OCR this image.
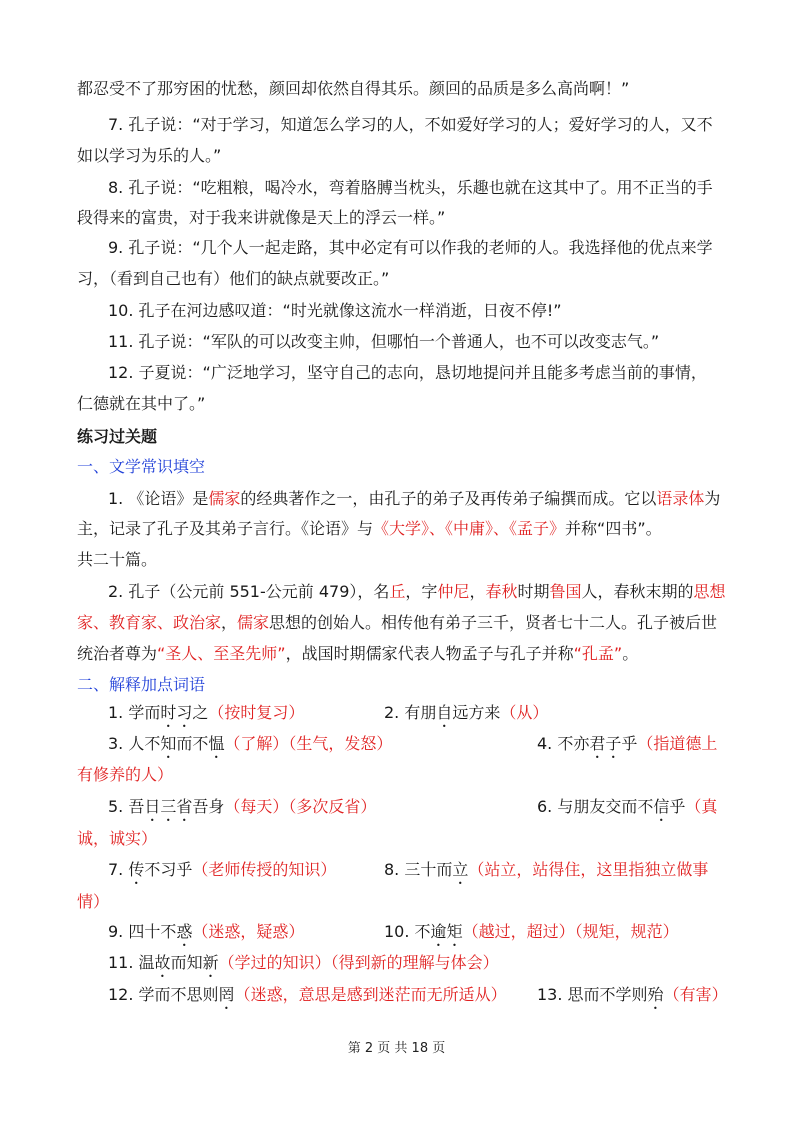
都忍受不了那穷困的忧愁，颜回却依然自得其乐。颜回的品质是多么高尚啊！”
7. 孔子说：“对于学习，知道怎么学习的人，不如爱好学习的人；爱好学习的人，又不
如以学习为乐的人。”
8. 孔子说：“吃粗粮，喝冷水，弯着胳膊当枕头，乐趣也就在这其中了。用不正当的手
段得来的富贵，对于我来讲就像是天上的浮云一样。”
9. 孔子说：“几个人一起走路，其中必定有可以作我的老师的人。我选择他的优点来学
习，（看到自己也有）他们的缺点就要改正。”
10. 孔子在河边感叹道：“时光就像这流水一样消逝，日夜不停!”
11. 孔子说：“军队的可以改变主帅，但哪怕一个普通人，也不可以改变志气。”
12. 子夏说：“广泛地学习，坚守自己的志向，恳切地提问并且能多考虑当前的事情，
仁德就在其中了。”
练习过关题
一、文学常识填空
1. 《论语》是儒家的经典著作之一，由孔子的弟子及再传弟子编撰而成。它以语录体为
主，记录了孔子及其弟子言行。《论语》与《大学》、《中庸》、《孟子》并称“四书”。
共二十篇。
2. 孔子（公元前 551-公元前 479），名丘，字仲尼，春秋时期鲁国人，春秋末期的思想
家、教育家、政治家，儒家思想的创始人。相传他有弟子三千，贤者七十二人。孔子被后世
统治者尊为“圣人、至圣先师”，战国时期儒家代表人物孟子与孔子并称“孔孟”。
二、解释加点词语
1. 学而时习之（按时复习）	2. 有朋自远方来（从）
3. 人不知而不愠（了解）（生气，发怒）	4. 不亦君子乎（指道德上
有修养的人）
5. 吾日三省吾身（每天）（多次反省）	6. 与朋友交而不信乎（真
诚，诚实）
7. 传不习乎（老师传授的知识）	8. 三十而立（站立，站得住，这里指独立做事
情）
9. 四十不惑（迷惑，疑惑）	10. 不逾矩（越过，超过）（规矩，规范）
11. 温故而知新（学过的知识）（得到新的理解与体会）
12. 学而不思则罔（迷惑，意思是感到迷茫而无所适从） 13. 思而不学则殆（有害）
第 2 页 共 18 页
